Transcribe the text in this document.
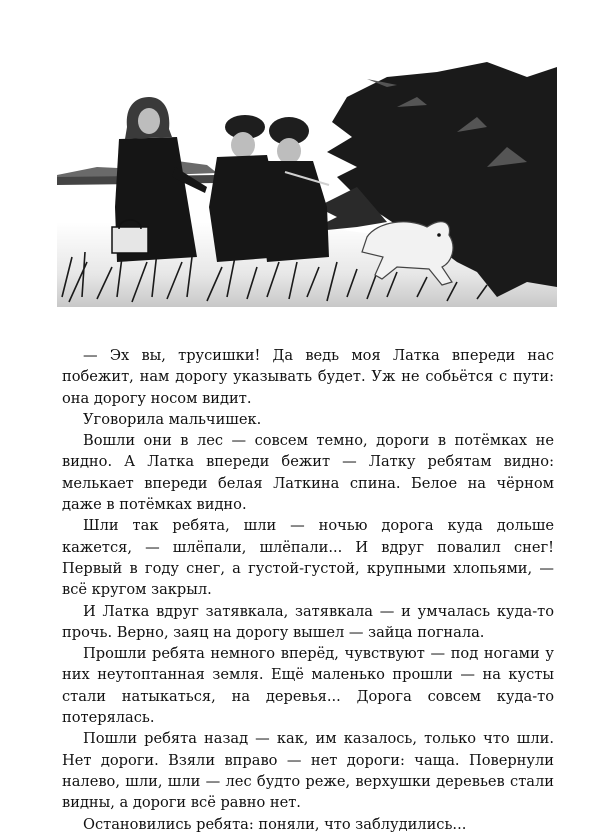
— Эх вы, трусишки! Да ведь моя Латка впереди нас побежит, нам дорогу указывать будет. Уж не собьётся с пути: она дорогу носом видит.

Уговорила мальчишек.

Вошли они в лес — совсем темно, дороги в потёмках не видно. А Латка впереди бежит — Латку ребятам видно: мелькает впереди белая Латкина спина. Белое на чёрном даже в потёмках видно.

Шли так ребята, шли — ночью дорога куда дольше кажется, — шлёпали, шлёпали... И вдруг повалил снег! Первый в году снег, а густой-густой, крупными хлопьями, — всё кругом закрыл.

И Латка вдруг затявкала, затявкала — и умчалась куда-то прочь. Верно, заяц на дорогу вышел — зайца погнала.

Прошли ребята немного вперёд, чувствуют — под ногами у них неутоптанная земля. Ещё маленько прошли — на кусты стали натыкаться, на деревья... Дорога совсем куда-то потерялась.

Пошли ребята назад — как, им казалось, только что шли. Нет дороги. Взяли вправо — нет дороги: чаща. Повернули налево, шли, шли — лес будто реже, верхушки деревьев стали видны, а дороги всё равно нет.

Остановились ребята: поняли, что заблудились...
